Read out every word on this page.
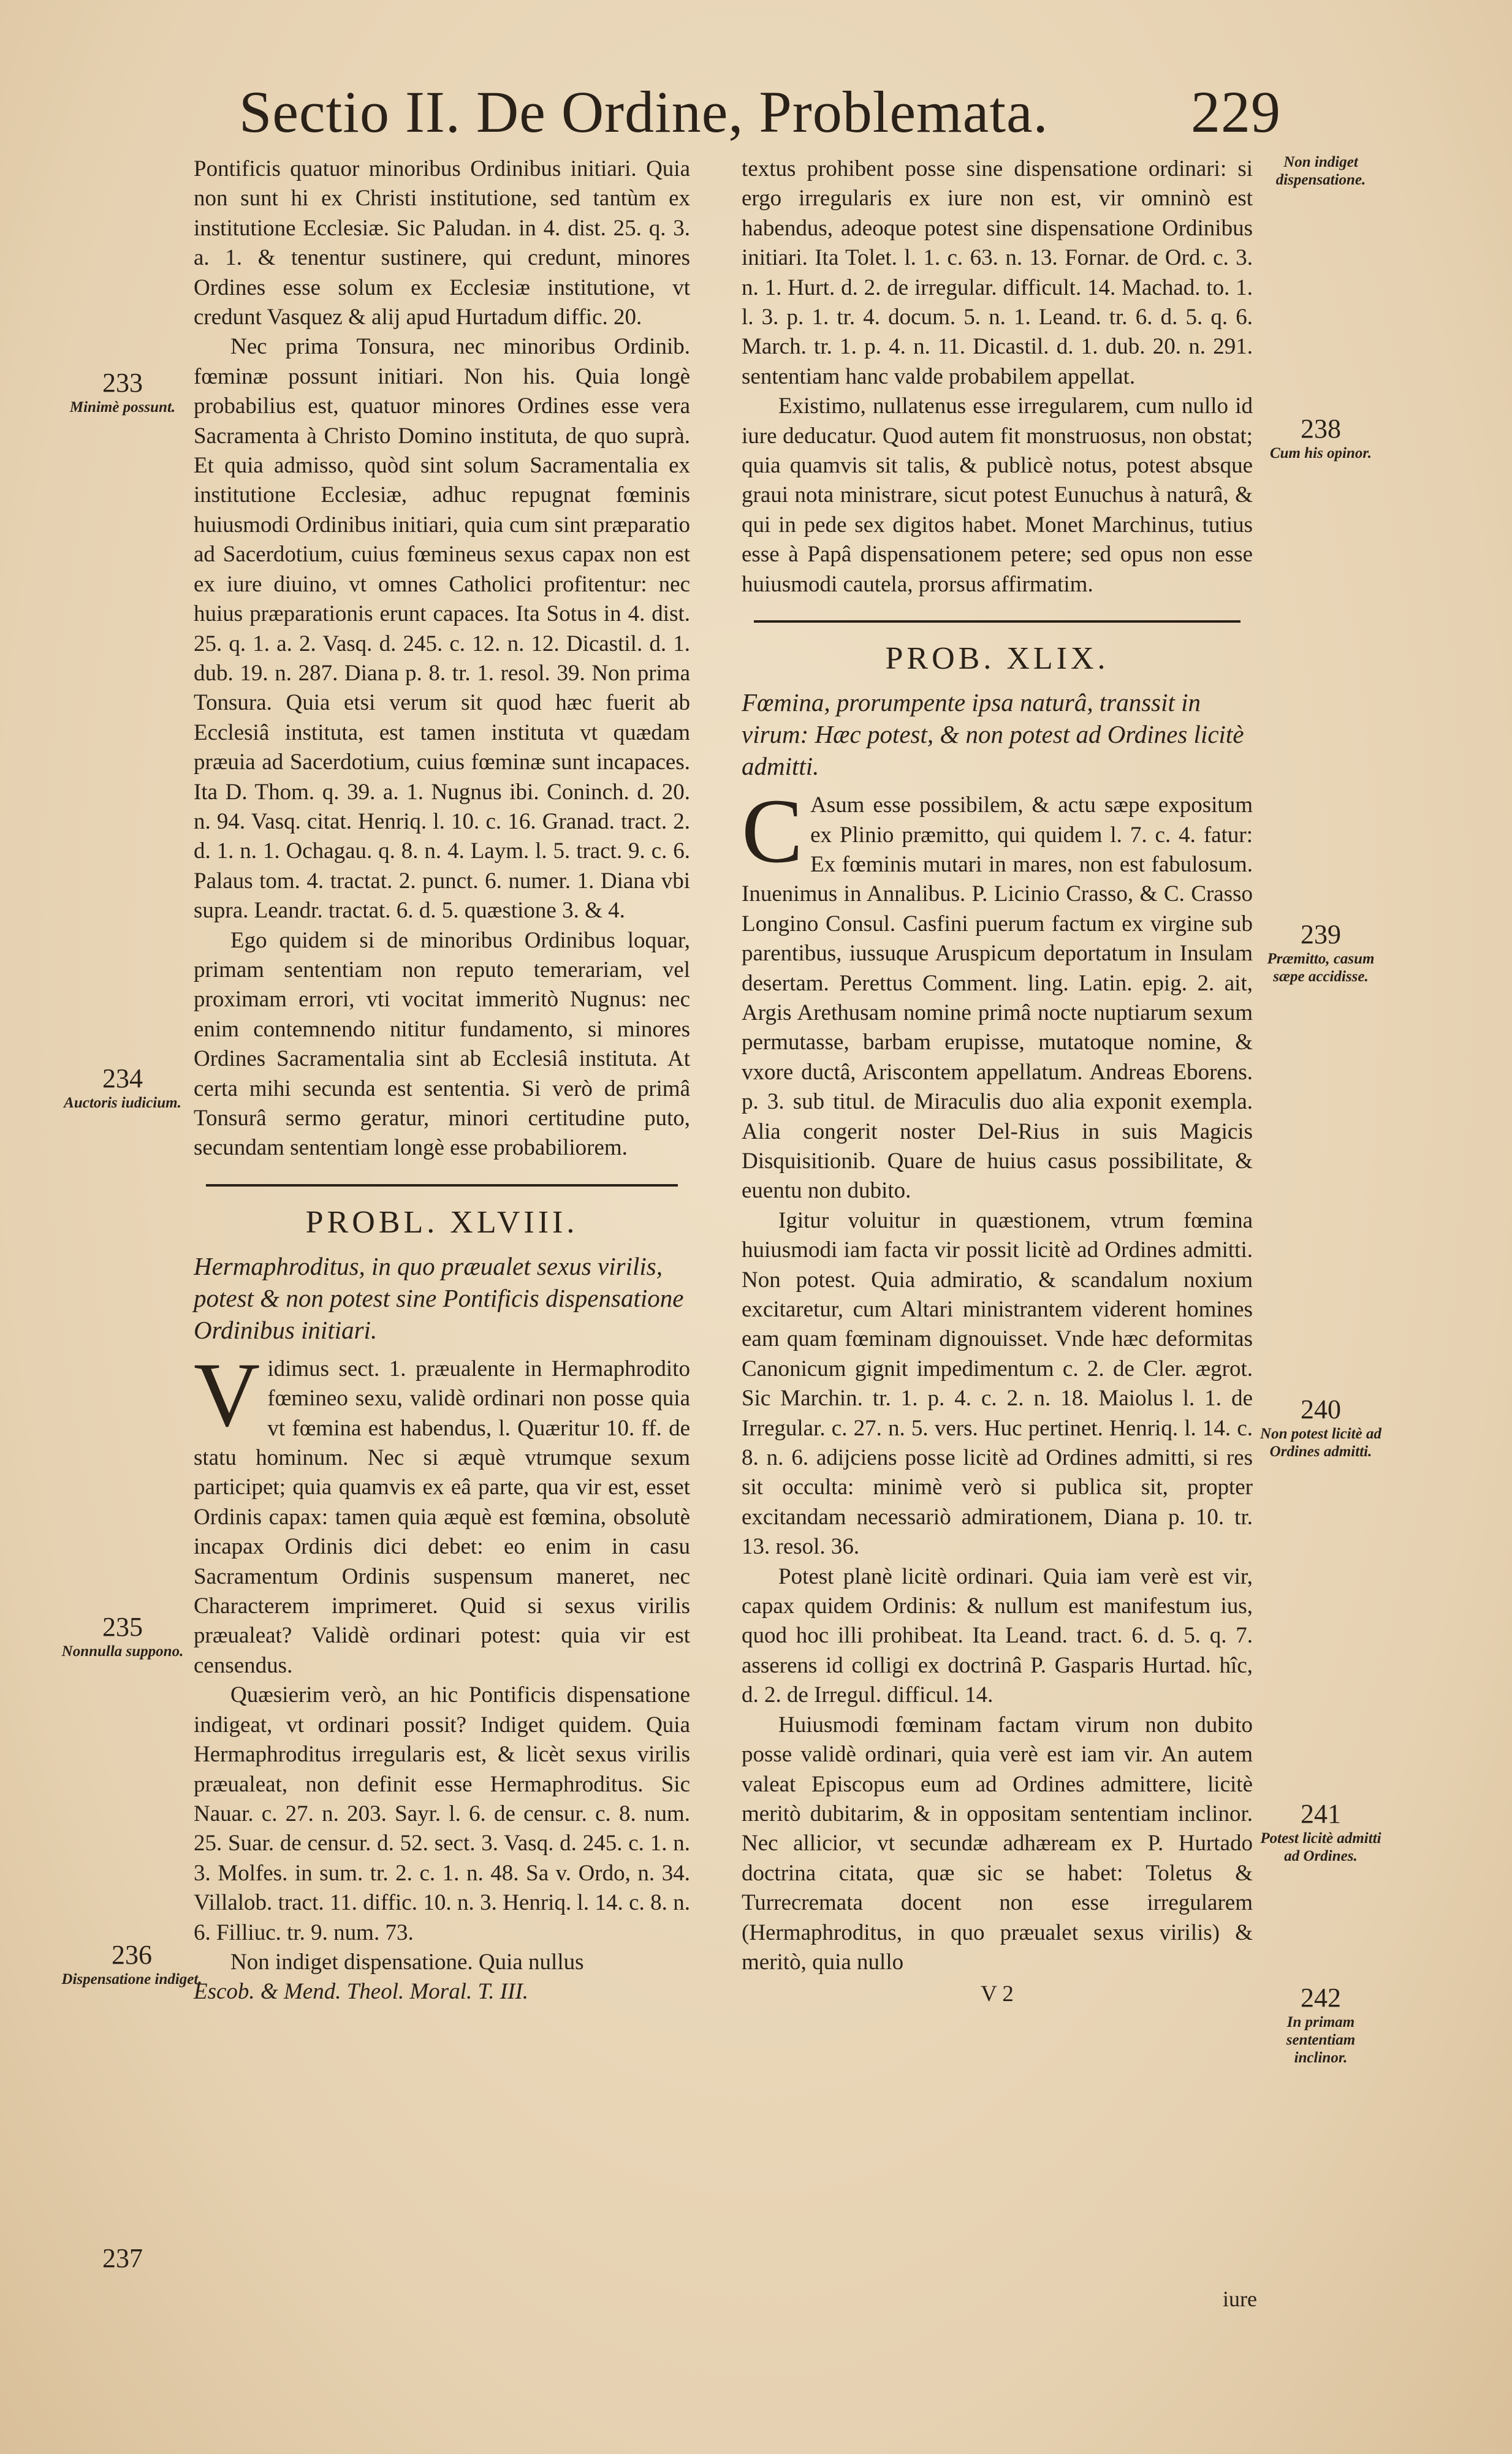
Sectio II. De Ordine, Problemata. 229

Pontificis quatuor minoribus Ordinibus initiari. Quia non sunt hi ex Christi institutione, sed tantùm ex institutione Ecclesiæ. Sic Paludan. in 4. dist. 25. q. 3. a. 1. & tenentur sustinere, qui credunt, minores Ordines esse solum ex Ecclesiæ institutione, vt credunt Vasquez & alij apud Hurtadum diffic. 20.

Nec prima Tonsura, nec minoribus Ordinib. fœminæ possunt initiari. Non his. Quia longè probabilius est, quatuor minores Ordines esse vera Sacramenta à Christo Domino instituta, de quo suprà. Et quia admisso, quòd sint solum Sacramentalia ex institutione Ecclesiæ, adhuc repugnat fœminis huiusmodi Ordinibus initiari, quia cum sint præparatio ad Sacerdotium, cuius fœmineus sexus capax non est ex iure diuino, vt omnes Catholici profitentur: nec huius præparationis erunt capaces. Ita Sotus in 4. dist. 25. q. 1. a. 2. Vasq. d. 245. c. 12. n. 12. Dicastil. d. 1. dub. 19. n. 287. Diana p. 8. tr. 1. resol. 39. Non prima Tonsura. Quia etsi verum sit quod hæc fuerit ab Ecclesiâ instituta, est tamen instituta vt quædam præuia ad Sacerdotium, cuius fœminæ sunt incapaces. Ita D. Thom. q. 39. a. 1. Nugnus ibi. Coninch. d. 20. n. 94. Vasq. citat. Henriq. l. 10. c. 16. Granad. tract. 2. d. 1. n. 1. Ochagau. q. 8. n. 4. Laym. l. 5. tract. 9. c. 6. Palaus tom. 4. tractat. 2. punct. 6. numer. 1. Diana vbi supra. Leandr. tractat. 6. d. 5. quæstione 3. & 4.

Ego quidem si de minoribus Ordinibus loquar, primam sententiam non reputo temerariam, vel proximam errori, vti vocitat immeritò Nugnus: nec enim contemnendo nititur fundamento, si minores Ordines Sacramentalia sint ab Ecclesiâ instituta. At certa mihi secunda est sententia. Si verò de primâ Tonsurâ sermo geratur, minori certitudine puto, secundam sententiam longè esse probabiliorem.

PROBL. XLVIII.

Hermaphroditus, in quo præualet sexus virilis, potest & non potest sine Pontificis dispensatione Ordinibus initiari.

Vidimus sect. 1. præualente in Hermaphrodito fœmineo sexu, validè ordinari non posse quia vt fœmina est habendus, l. Quæritur 10. ff. de statu hominum. Nec si æquè vtrumque sexum participet; quia quamvis ex eâ parte, qua vir est, esset Ordinis capax: tamen quia æquè est fœmina, obsolutè incapax Ordinis dici debet: eo enim in casu Sacramentum Ordinis suspensum maneret, nec Characterem imprimeret. Quid si sexus virilis præualeat? Validè ordinari potest: quia vir est censendus.

Quæsierim verò, an hic Pontificis dispensatione indigeat, vt ordinari possit? Indiget quidem. Quia Hermaphroditus irregularis est, & licèt sexus virilis præualeat, non definit esse Hermaphroditus. Sic Nauar. c. 27. n. 203. Sayr. l. 6. de censur. c. 8. num. 25. Suar. de censur. d. 52. sect. 3. Vasq. d. 245. c. 1. n. 3. Molfes. in sum. tr. 2. c. 1. n. 48. Sa v. Ordo, n. 34. Villalob. tract. 11. diffic. 10. n. 3. Henriq. l. 14. c. 8. n. 6. Filliuc. tr. 9. num. 73.

Non indiget dispensatione. Quia nullus

Escob. & Mend. Theol. Moral. T. III.

textus prohibent posse sine dispensatione ordinari: si ergo irregularis ex iure non est, vir omninò est habendus, adeoque potest sine dispensatione Ordinibus initiari. Ita Tolet. l. 1. c. 63. n. 13. Fornar. de Ord. c. 3. n. 1. Hurt. d. 2. de irregular. difficult. 14. Machad. to. 1. l. 3. p. 1. tr. 4. docum. 5. n. 1. Leand. tr. 6. d. 5. q. 6. March. tr. 1. p. 4. n. 11. Dicastil. d. 1. dub. 20. n. 291. sententiam hanc valde probabilem appellat.

Existimo, nullatenus esse irregularem, cum nullo id iure deducatur. Quod autem fit monstruosus, non obstat; quia quamvis sit talis, & publicè notus, potest absque graui nota ministrare, sicut potest Eunuchus à naturâ, & qui in pede sex digitos habet. Monet Marchinus, tutius esse à Papâ dispensationem petere; sed opus non esse huiusmodi cautela, prorsus affirmatim.

PROB. XLIX.

Fœmina, prorumpente ipsa naturâ, transsit in virum: Hæc potest, & non potest ad Ordines licitè admitti.

C Asum esse possibilem, & actu sæpe expositum ex Plinio præmitto, qui quidem l. 7. c. 4. fatur: Ex fœminis mutari in mares, non est fabulosum. Inuenimus in Annalibus. P. Licinio Crasso, & C. Crasso Longino Consul. Casfini puerum factum ex virgine sub parentibus, iussuque Aruspicum deportatum in Insulam desertam. Perettus Comment. ling. Latin. epig. 2. ait, Argis Arethusam nomine primâ nocte nuptiarum sexum permutasse, barbam erupisse, mutatoque nomine, & vxore ductâ, Ariscontem appellatum. Andreas Eborens. p. 3. sub titul. de Miraculis duo alia exponit exempla. Alia congerit noster Del-Rius in suis Magicis Disquisitionib. Quare de huius casus possibilitate, & euentu non dubito.

Igitur voluitur in quæstionem, vtrum fœmina huiusmodi iam facta vir possit licitè ad Ordines admitti. Non potest. Quia admiratio, & scandalum noxium excitaretur, cum Altari ministrantem viderent homines eam quam fœminam dignouisset. Vnde hæc deformitas Canonicum gignit impedimentum c. 2. de Cler. ægrot. Sic Marchin. tr. 1. p. 4. c. 2. n. 18. Maiolus l. 1. de Irregular. c. 27. n. 5. vers. Huc pertinet. Henriq. l. 14. c. 8. n. 6. adijciens posse licitè ad Ordines admitti, si res sit occulta: minimè verò si publica sit, propter excitandam necessariò admirationem, Diana p. 10. tr. 13. resol. 36.

Potest planè licitè ordinari. Quia iam verè est vir, capax quidem Ordinis: & nullum est manifestum ius, quod hoc illi prohibeat. Ita Leand. tract. 6. d. 5. q. 7. asserens id colligi ex doctrinâ P. Gasparis Hurtad. hîc, d. 2. de Irregul. difficul. 14.

Huiusmodi fœminam factam virum non dubito posse validè ordinari, quia verè est iam vir. An autem valeat Episcopus eum ad Ordines admittere, licitè meritò dubitarim, & in oppositam sententiam inclinor. Nec allicior, vt secundæ adhæream ex P. Hurtado doctrina citata, quæ sic se habet: Toletus & Turrecremata docent non esse irregularem (Hermaphroditus, in quo præualet sexus virilis) & meritò, quia nullo

V 2

iure
233
Minimè possunt.
234
Auctoris iudicium.
235
Nonnulla suppono.
236
Dispensatione indiget.
237
Non indiget dispensatione.
238
Cum his opinor.
239
Præmitto, casum sæpe accidisse.
240
Non potest licitè ad Ordines admitti.
241
Potest licitè admitti ad Ordines.
242
In primam sententiam inclinor.
